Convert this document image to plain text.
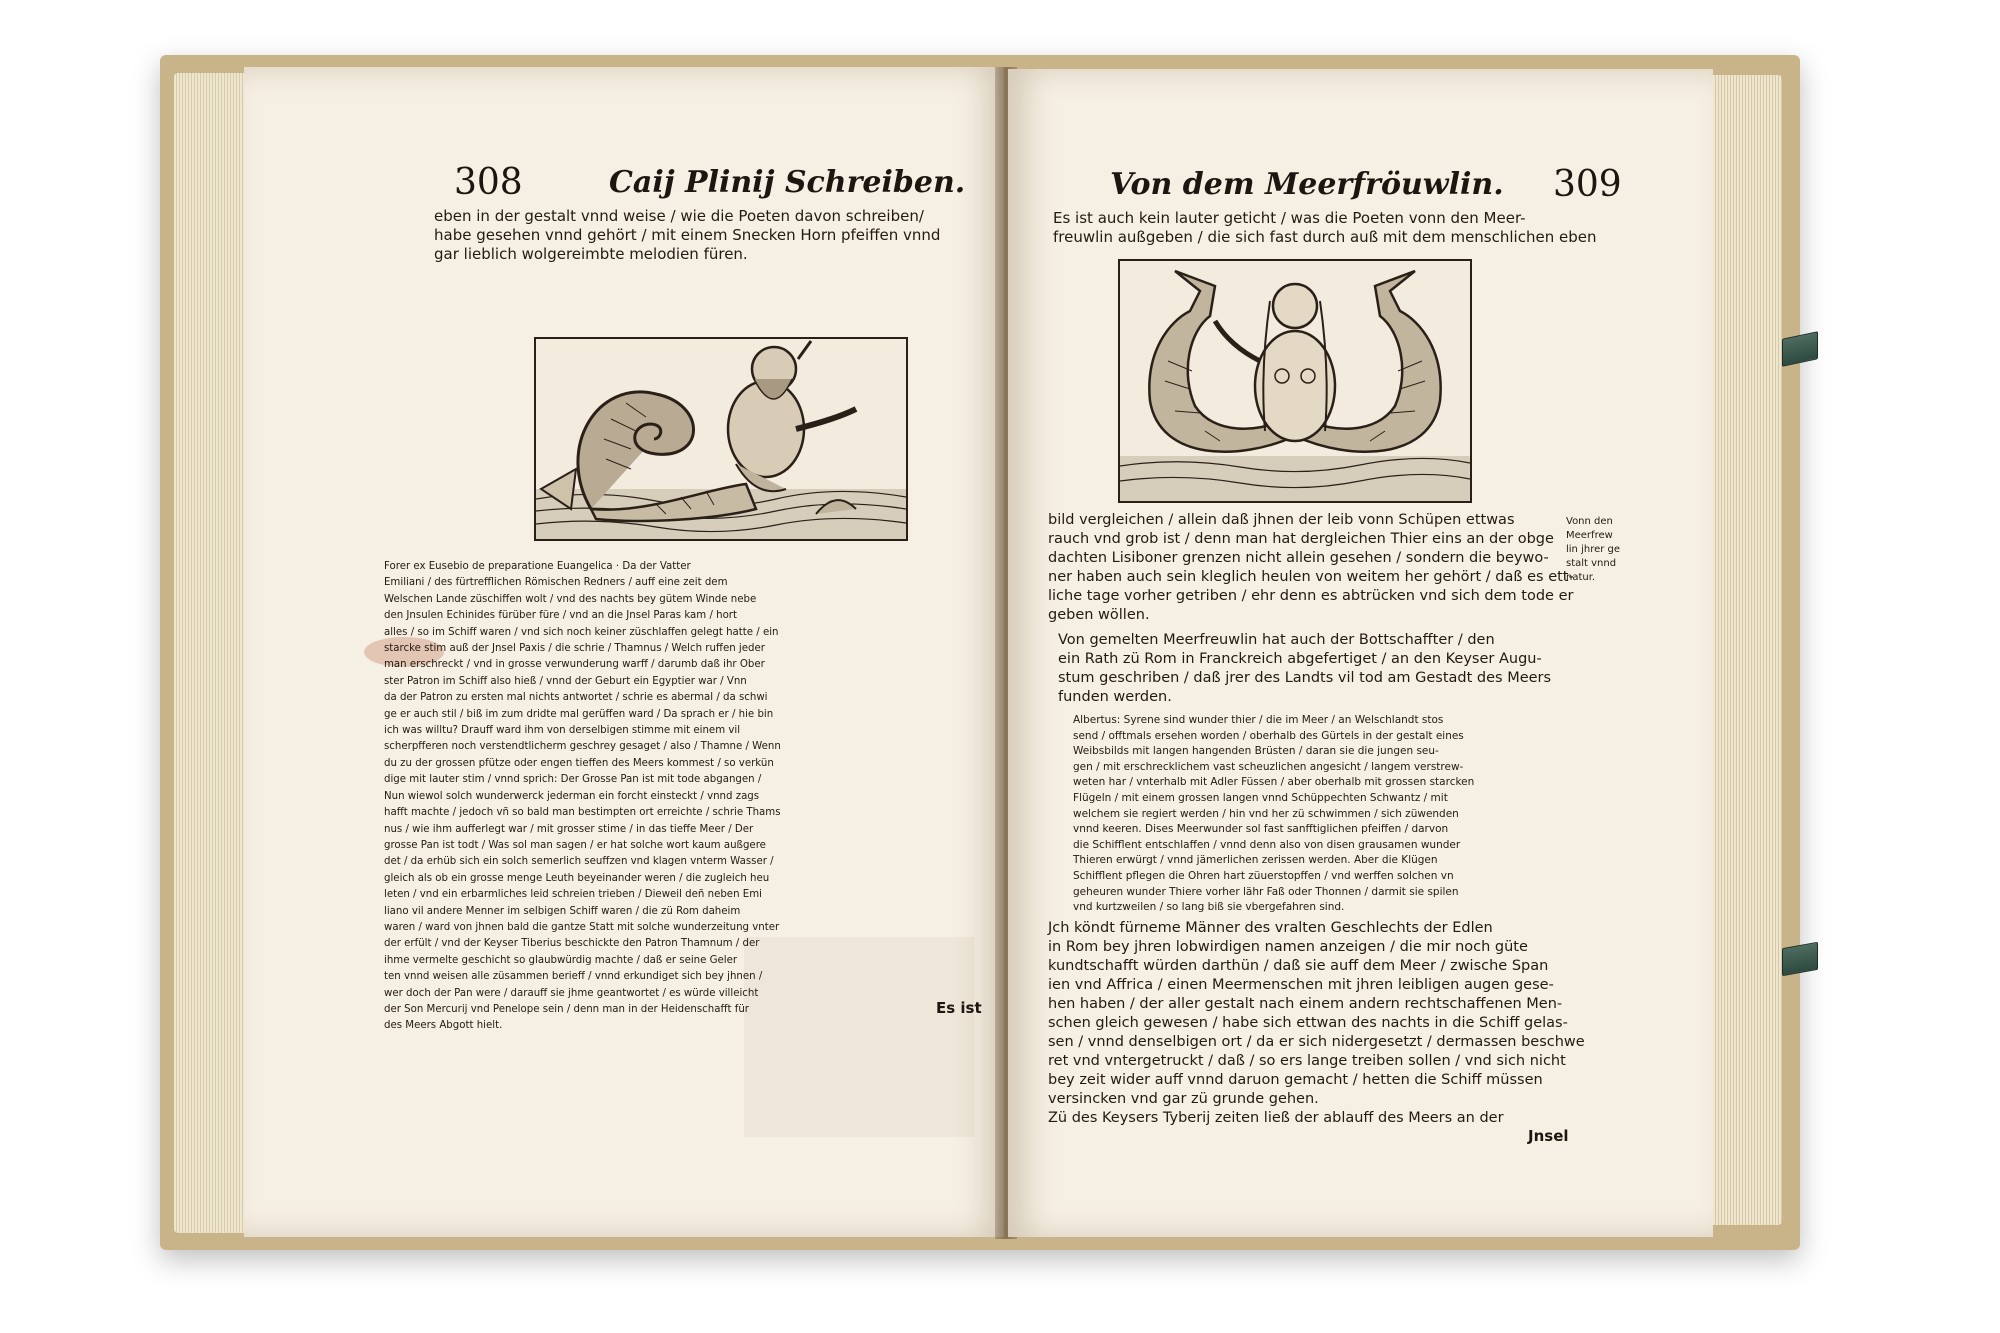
308	Caij Plinij Schreiben.
eben in der gestalt vnnd weise / wie die Poeten davon schreiben/
habe gesehen vnnd gehört / mit einem Snecken Horn pfeiffen vnnd
gar lieblich wolgereimbte melodien füren.
Forer ex Eusebio de preparatione Euangelica · Da der Vatter
Emiliani / des fürtrefflichen Römischen Redners / auff eine zeit dem
Welschen Lande züschiffen wolt / vnd des nachts bey gütem Winde nebe
den Jnsulen Echinides fürüber füre / vnd an die Jnsel Paras kam / hort
alles / so im Schiff waren / vnd sich noch keiner züschlaffen gelegt hatte / ein
starcke stim auß der Jnsel Paxis / die schrie / Thamnus / Welch ruffen jeder
man erschreckt / vnd in grosse verwunderung warff / darumb daß ihr Ober
ster Patron im Schiff also hieß / vnnd der Geburt ein Egyptier war / Vnn
da der Patron zu ersten mal nichts antwortet / schrie es abermal / da schwi
ge er auch stil / biß im zum dridte mal gerüffen ward / Da sprach er / hie bin
ich was willtu? Drauff ward ihm von derselbigen stimme mit einem vil
scherpfferen noch verstendtlicherm geschrey gesaget / also / Thamne / Wenn
du zu der grossen pfütze oder engen tieffen des Meers kommest / so verkün
dige mit lauter stim / vnnd sprich: Der Grosse Pan ist mit tode abgangen /
Nun wiewol solch wunderwerck jederman ein forcht einsteckt / vnnd zags
hafft machte / jedoch vñ so bald man bestimpten ort erreichte / schrie Thams
nus / wie ihm aufferlegt war / mit grosser stime / in das tieffe Meer / Der
grosse Pan ist todt / Was sol man sagen / er hat solche wort kaum außgere
det / da erhüb sich ein solch semerlich seuffzen vnd klagen vnterm Wasser /
gleich als ob ein grosse menge Leuth beyeinander weren / die zugleich heu
leten / vnd ein erbarmliches leid schreien trieben / Dieweil deñ neben Emi
liano vil andere Menner im selbigen Schiff waren / die zü Rom daheim
waren / ward von jhnen bald die gantze Statt mit solche wunderzeitung vnter
der erfült / vnd der Keyser Tiberius beschickte den Patron Thamnum / der
ihme vermelte geschicht so glaubwürdig machte / daß er seine Geler
ten vnnd weisen alle züsammen berieff / vnnd erkundiget sich bey jhnen /
wer doch der Pan were / darauff sie jhme geantwortet / es würde villeicht
der Son Mercurij vnd Penelope sein / denn man in der Heidenschafft für
des Meers Abgott hielt.
Es ist
Von dem Meerfröuwlin. 309
Es ist auch kein lauter geticht / was die Poeten vonn den Meer-
freuwlin außgeben / die sich fast durch auß mit dem menschlichen eben
bild vergleichen / allein daß jhnen der leib vonn Schüpen ettwas
rauch vnd grob ist / denn man hat dergleichen Thier eins an der obge
dachten Lisiboner grenzen nicht allein gesehen / sondern die beywo-
ner haben auch sein kleglich heulen von weitem her gehört / daß es ett-
liche tage vorher getriben / ehr denn es abtrücken vnd sich dem tode er
geben wöllen.
Vonn den
Meerfrew
lin jhrer ge
stalt vnnd
natur.
Von gemelten Meerfreuwlin hat auch der Bottschaffter / den
ein Rath zü Rom in Franckreich abgefertiget / an den Keyser Augu-
stum geschriben / daß jrer des Landts vil tod am Gestadt des Meers
funden werden.
Albertus: Syrene sind wunder thier / die im Meer / an Welschlandt stos
send / offtmals ersehen worden / oberhalb des Gürtels in der gestalt eines
Weibsbilds mit langen hangenden Brüsten / daran sie die jungen seu-
gen / mit erschrecklichem vast scheuzlichen angesicht / langem verstrew-
weten har / vnterhalb mit Adler Füssen / aber oberhalb mit grossen starcken
Flügeln / mit einem grossen langen vnnd Schüppechten Schwantz / mit
welchem sie regiert werden / hin vnd her zü schwimmen / sich züwenden
vnnd keeren. Dises Meerwunder sol fast sanfftiglichen pfeiffen / darvon
die Schifflent entschlaffen / vnnd denn also von disen grausamen wunder
Thieren erwürgt / vnnd jämerlichen zerissen werden. Aber die Klügen
Schifflent pflegen die Ohren hart züuerstopffen / vnd werffen solchen vn
geheuren wunder Thiere vorher lähr Faß oder Thonnen / darmit sie spilen
vnd kurtzweilen / so lang biß sie vbergefahren sind.
Jch köndt fürneme Männer des vralten Geschlechts der Edlen
in Rom bey jhren lobwirdigen namen anzeigen / die mir noch güte
kundtschafft würden darthün / daß sie auff dem Meer / zwische Span
ien vnd Affrica / einen Meermenschen mit jhren leibligen augen gese-
hen haben / der aller gestalt nach einem andern rechtschaffenen Men-
schen gleich gewesen / habe sich ettwan des nachts in die Schiff gelas-
sen / vnnd denselbigen ort / da er sich nidergesetzt / dermassen beschwe
ret vnd vntergetruckt / daß / so ers lange treiben sollen / vnd sich nicht
bey zeit wider auff vnnd daruon gemacht / hetten die Schiff müssen
versincken vnd gar zü grunde gehen.
Zü des Keysers Tyberij zeiten ließ der ablauff des Meers an der
Jnsel
